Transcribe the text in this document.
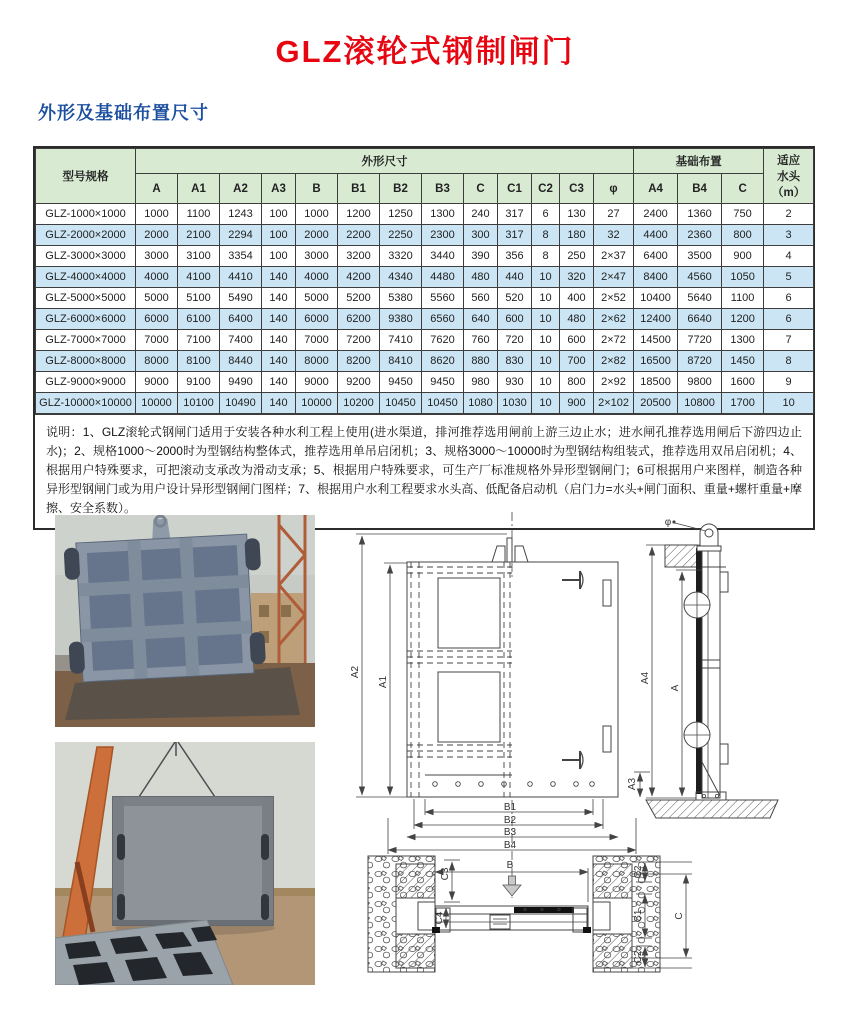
GLZ滚轮式钢制闸门
外形及基础布置尺寸
型号规格	外形尺寸													基础布置			适应
水头
（m）
	A	A1	A2	A3	B	B1	B2	B3	C	C1	C2	C3	φ	A4	B4	C	
GLZ-1000×1000	1000	1100	1243	100	1000	1200	1250	1300	240	317	6	130	27	2400	1360	750	2
GLZ-2000×2000	2000	2100	2294	100	2000	2200	2250	2300	300	317	8	180	32	4400	2360	800	3
GLZ-3000×3000	3000	3100	3354	100	3000	3200	3320	3440	390	356	8	250	2×37	6400	3500	900	4
GLZ-4000×4000	4000	4100	4410	140	4000	4200	4340	4480	480	440	10	320	2×47	8400	4560	1050	5
GLZ-5000×5000	5000	5100	5490	140	5000	5200	5380	5560	560	520	10	400	2×52	10400	5640	1100	6
GLZ-6000×6000	6000	6100	6400	140	6000	6200	9380	6560	640	600	10	480	2×62	12400	6640	1200	6
GLZ-7000×7000	7000	7100	7400	140	7000	7200	7410	7620	760	720	10	600	2×72	14500	7720	1300	7
GLZ-8000×8000	8000	8100	8440	140	8000	8200	8410	8620	880	830	10	700	2×82	16500	8720	1450	8
GLZ-9000×9000	9000	9100	9490	140	9000	9200	9450	9450	980	930	10	800	2×92	18500	9800	1600	9
GLZ-10000×10000	10000	10100	10490	140	10000	10200	10450	10450	1080	1030	10	900	2×102	20500	10800	1700	10
说明：1、GLZ滚轮式钢闸门适用于安装各种水利工程上使用(进水渠道，排河推荐选用闸前上游三边止水；进水闸孔推荐选用闸后下游四边止水)；2、规格1000～2000时为型钢结构整体式，推荐选用单吊启闭机；3、规格3000～10000时为型钢结构组装式，推荐选用双吊启闭机；4、根据用户特殊要求，可把滚动支承改为滑动支承；5、根据用户特殊要求，可生产厂标准规格外异形型钢闸门；6可根据用户来图样，制造各种异形型钢闸门或为用户设计异形型钢闸门图样；7、根据用户水利工程要求水头高、低配备启动机（启门力=水头+闸门面积、重量+螺杆重量+摩擦、安全系数）。
A2
A1
B1
B2
B3
B4
φ
A4
A
A3
B
C3
C4
C2
C1
C2
C
